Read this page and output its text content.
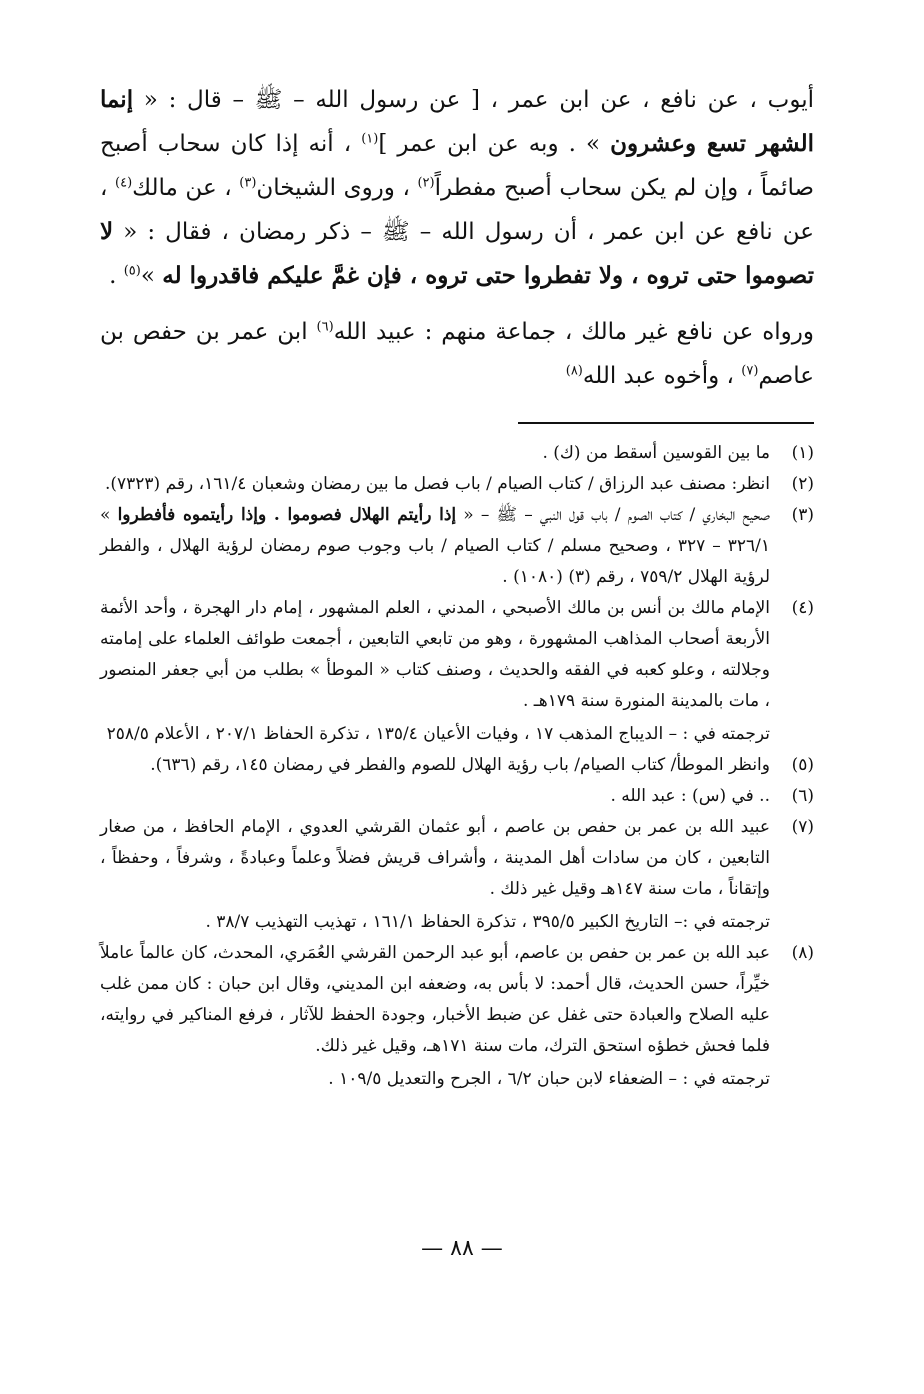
أيوب ، عن نافع ، عن ابن عمر ، [ عن رسول الله – ﷺ – قال : « إنما الشهر تسع وعشرون » . وبه عن ابن عمر ]$^{(١)}$ ، أنه إذا كان سحاب أصبح صائماً ، وإن لم يكن سحاب أصبح مفطراً$^{(٢)}$ ، وروى الشيخان$^{(٣)}$ ، عن مالك$^{(٤)}$ ، عن نافع عن ابن عمر ، أن رسول الله – ﷺ – ذكر رمضان ، فقال : « لا تصوموا حتى تروه ، ولا تفطروا حتى تروه ، فإن غمَّ عليكم فاقدروا له »$^{(٥)}$ .

ورواه عن نافع غير مالك ، جماعة منهم : عبيد الله$^{(٦)}$ ابن عمر بن حفص بن عاصم$^{(٧)}$ ، وأخوه عبد الله$^{(٨)}$

(١)
ما بين القوسين أسقط من (ك) .
(٢)
انظر: مصنف عبد الرزاق / كتاب الصيام / باب فصل ما بين رمضان وشعبان ١٦١/٤، رقم (٧٣٢٣).
(٣)
صحيح البخاري / كتاب الصوم / باب قول النبي – ﷺ – « إذا رأيتم الهلال فصوموا . وإذا رأيتموه فأفطروا » ٣٢٦/١ – ٣٢٧ ، وصحيح مسلم / كتاب الصيام / باب وجوب صوم رمضان لرؤية الهلال ، والفطر لرؤية الهلال ٧٥٩/٢ ، رقم (٣) (١٠٨٠) .
(٤)
الإمام مالك بن أنس بن مالك الأصبحي ، المدني ، العلم المشهور ، إمام دار الهجرة ، وأحد الأئمة الأربعة أصحاب المذاهب المشهورة ، وهو من تابعي التابعين ، أجمعت طوائف العلماء على إمامته وجلالته ، وعلو كعبه في الفقه والحديث ، وصنف كتاب « الموطأ » بطلب من أبي جعفر المنصور ، مات بالمدينة المنورة سنة ١٧٩هـ .
ترجمته في : – الديباج المذهب ١٧ ، وفيات الأعيان ١٣٥/٤ ، تذكرة الحفاظ ٢٠٧/١ ، الأعلام ٢٥٨/٥
(٥)
وانظر الموطأ/ كتاب الصيام/ باب رؤية الهلال للصوم والفطر في رمضان ١٤٥، رقم (٦٣٦).
(٦)
.. في (س) : عبد الله .
(٧)
عبيد الله بن عمر بن حفص بن عاصم ، أبو عثمان القرشي العدوي ، الإمام الحافظ ، من صغار التابعين ، كان من سادات أهل المدينة ، وأشراف قريش فضلاً وعلماً وعبادةً ، وشرفاً ، وحفظاً ، وإتقاناً ، مات سنة ١٤٧هـ وقيل غير ذلك .
ترجمته في :– التاريخ الكبير ٣٩٥/٥ ، تذكرة الحفاظ ١٦١/١ ، تهذيب التهذيب ٣٨/٧ .
(٨)
عبد الله بن عمر بن حفص بن عاصم، أبو عبد الرحمن القرشي العُمَري، المحدث، كان عالماً عاملاً خيِّراً، حسن الحديث، قال أحمد: لا بأس به، وضعفه ابن المديني، وقال ابن حبان : كان ممن غلب عليه الصلاح والعبادة حتى غفل عن ضبط الأخبار، وجودة الحفظ للآثار ، فرفع المناكير في روايته، فلما فحش خطؤه استحق الترك، مات سنة ١٧١هـ، وقيل غير ذلك.
ترجمته في : – الضعفاء لابن حبان ٦/٢ ، الجرح والتعديل ١٠٩/٥ .
— ٨٨ —
